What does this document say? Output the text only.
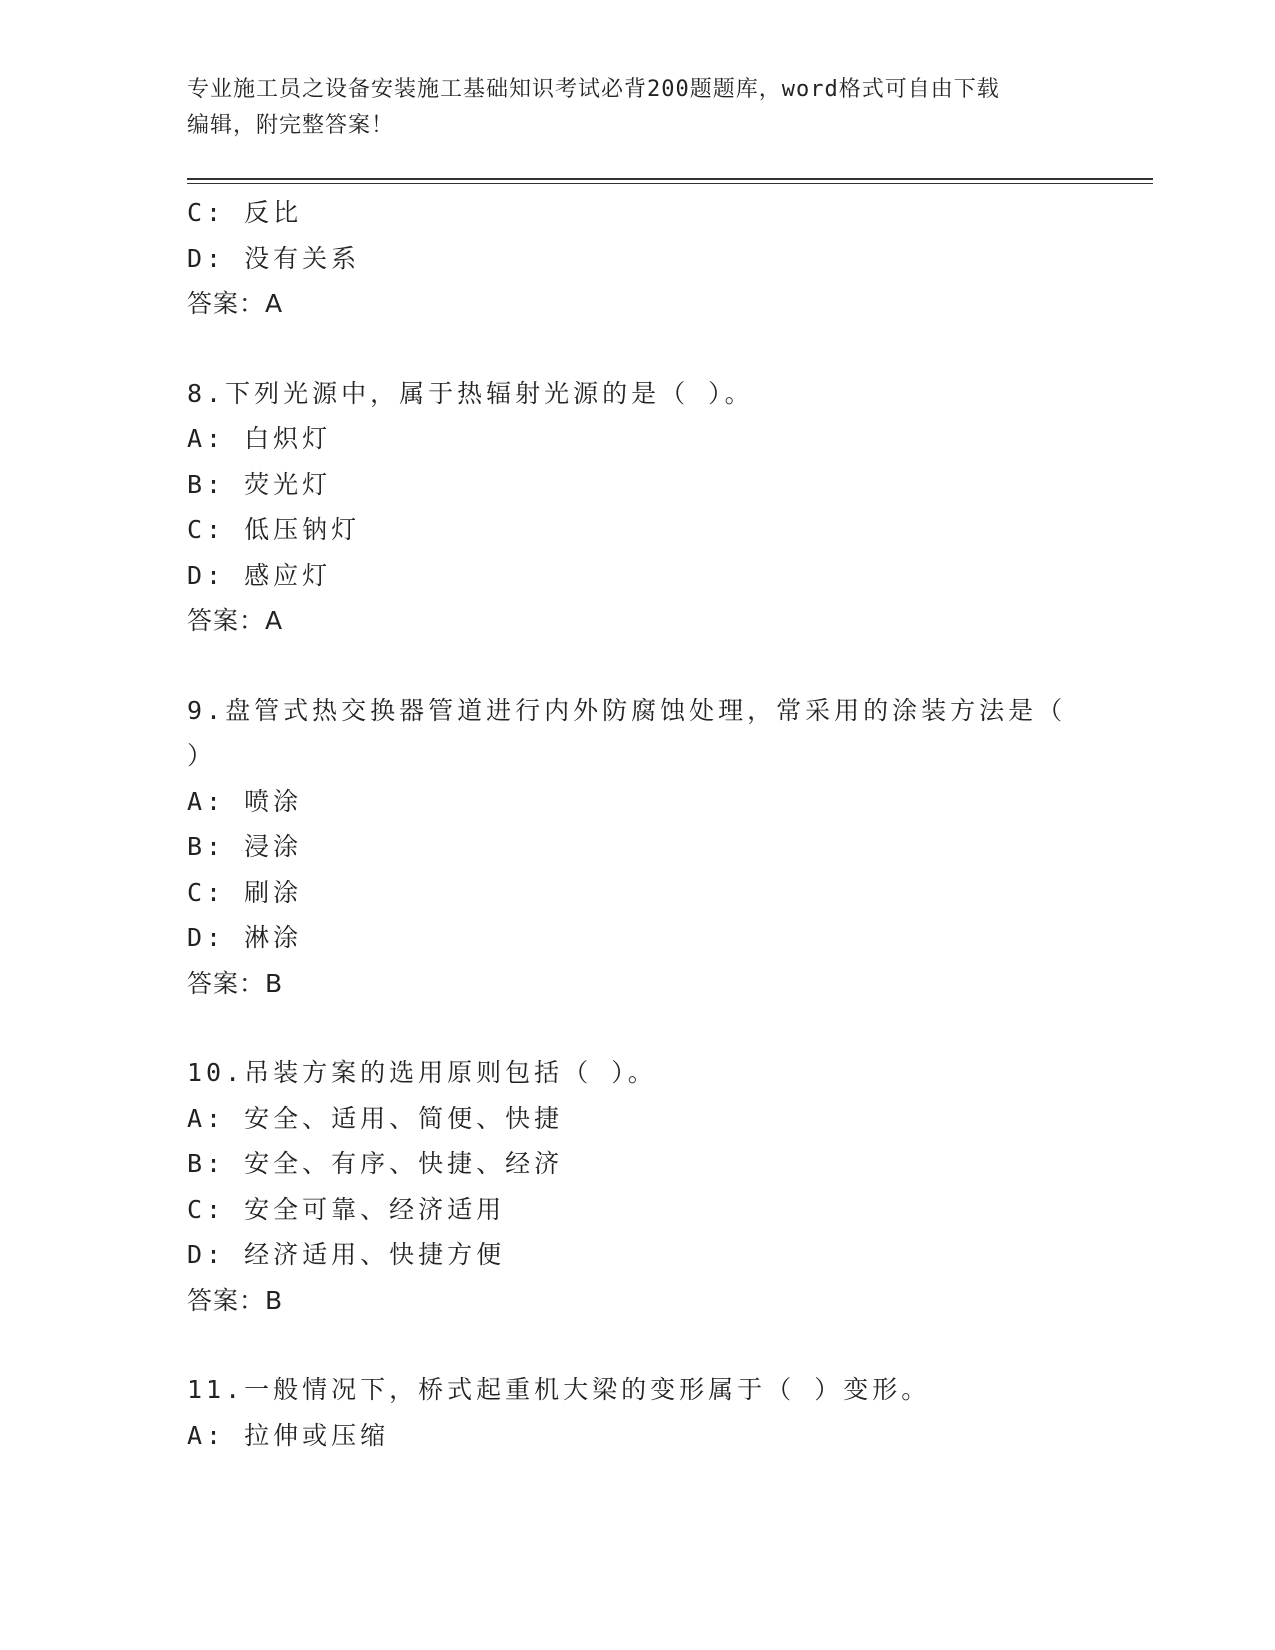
专业施工员之设备安装施工基础知识考试必背200题题库，word格式可自由下载
编辑，附完整答案！
C: 反比
D: 没有关系
答案：A
8.下列光源中，属于热辐射光源的是（ ）。
A: 白炽灯
B: 荧光灯
C: 低压钠灯
D: 感应灯
答案：A
9.盘管式热交换器管道进行内外防腐蚀处理，常采用的涂装方法是（
）
A: 喷涂
B: 浸涂
C: 刷涂
D: 淋涂
答案：B
10.吊装方案的选用原则包括（ ）。
A: 安全、适用、简便、快捷
B: 安全、有序、快捷、经济
C: 安全可靠、经济适用
D: 经济适用、快捷方便
答案：B
11.一般情况下，桥式起重机大梁的变形属于（ ）变形。
A: 拉伸或压缩
